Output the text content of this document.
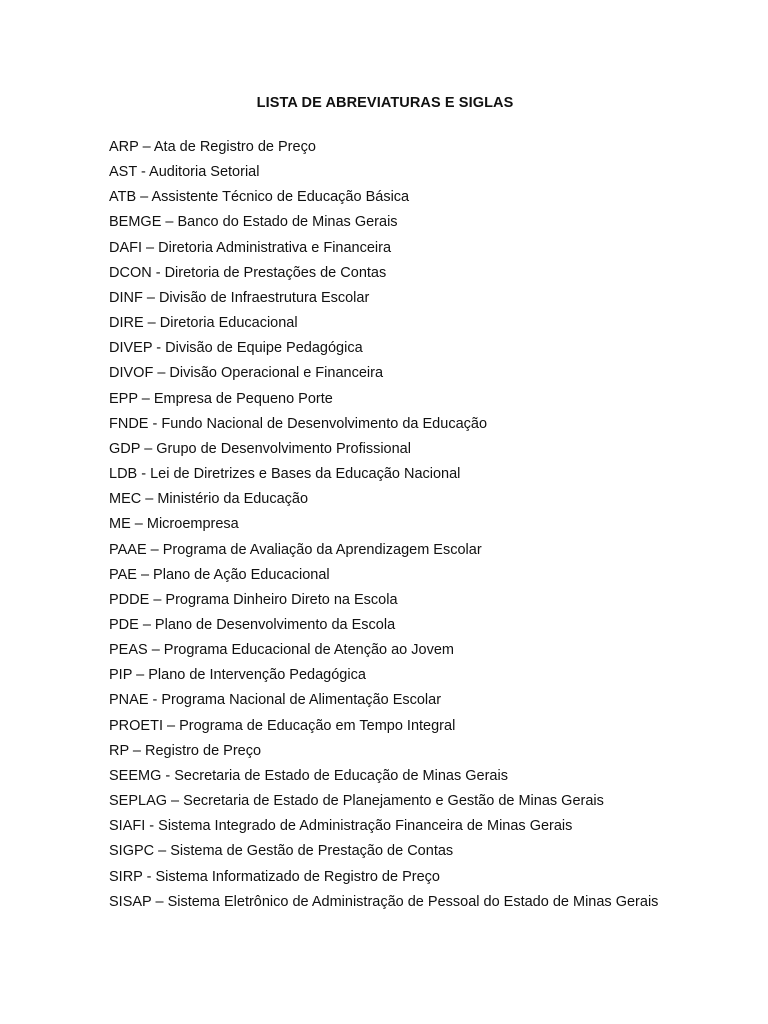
LISTA DE ABREVIATURAS E SIGLAS
ARP – Ata de Registro de Preço
AST - Auditoria Setorial
ATB – Assistente Técnico de Educação Básica
BEMGE – Banco do Estado de Minas Gerais
DAFI – Diretoria Administrativa e Financeira
DCON - Diretoria de Prestações de Contas
DINF – Divisão de Infraestrutura Escolar
DIRE – Diretoria Educacional
DIVEP - Divisão de Equipe Pedagógica
DIVOF – Divisão Operacional e Financeira
EPP – Empresa de Pequeno Porte
FNDE - Fundo Nacional de Desenvolvimento da Educação
GDP – Grupo de Desenvolvimento Profissional
LDB - Lei de Diretrizes e Bases da Educação Nacional
MEC – Ministério da Educação
ME – Microempresa
PAAE – Programa de Avaliação da Aprendizagem Escolar
PAE – Plano de Ação Educacional
PDDE – Programa Dinheiro Direto na Escola
PDE – Plano de Desenvolvimento da Escola
PEAS – Programa Educacional de Atenção ao Jovem
PIP – Plano de Intervenção Pedagógica
PNAE - Programa Nacional de Alimentação Escolar
PROETI – Programa de Educação em Tempo Integral
RP – Registro de Preço
SEEMG - Secretaria de Estado de Educação de Minas Gerais
SEPLAG – Secretaria de Estado de Planejamento e Gestão de Minas Gerais
SIAFI - Sistema Integrado de Administração Financeira de Minas Gerais
SIGPC – Sistema de Gestão de Prestação de Contas
SIRP - Sistema Informatizado de Registro de Preço
SISAP – Sistema Eletrônico de Administração de Pessoal do Estado de Minas Gerais
